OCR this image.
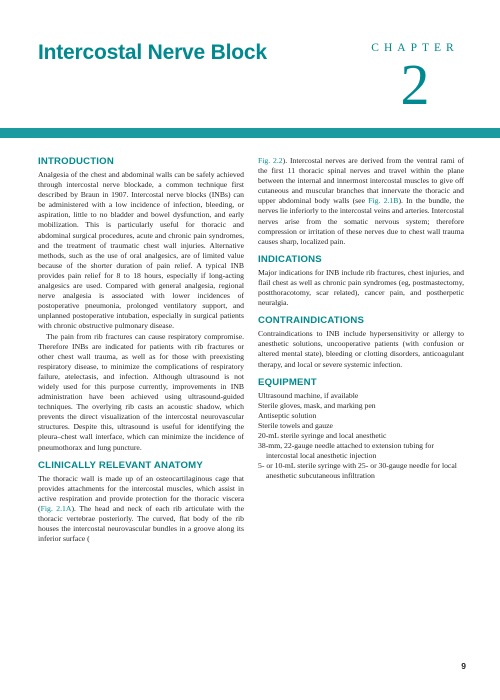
Intercostal Nerve Block	CHAPTER
2
INTRODUCTION

Analgesia of the chest and abdominal walls can be safely achieved through intercostal nerve blockade, a common technique first described by Braun in 1907. Intercostal nerve blocks (INBs) can be administered with a low incidence of infection, bleeding, or aspiration, little to no bladder and bowel dysfunction, and early mobilization. This is particularly useful for thoracic and abdominal surgical procedures, acute and chronic pain syndromes, and the treatment of traumatic chest wall injuries. Alternative methods, such as the use of oral analgesics, are of limited value because of the shorter duration of pain relief. A typical INB provides pain relief for 8 to 18 hours, especially if long-acting analgesics are used. Compared with general analgesia, regional nerve analgesia is associated with lower incidences of postoperative pneumonia, prolonged ventilatory support, and unplanned postoperative intubation, especially in surgical patients with chronic obstructive pulmonary disease.

The pain from rib fractures can cause respiratory compromise. Therefore INBs are indicated for patients with rib fractures or other chest wall trauma, as well as for those with preexisting respiratory disease, to minimize the complications of respiratory failure, atelectasis, and infection. Although ultrasound is not widely used for this purpose currently, improvements in INB administration have been achieved using ultrasound-guided techniques. The overlying rib casts an acoustic shadow, which prevents the direct visualization of the intercostal neurovascular structures. Despite this, ultrasound is useful for identifying the pleura–chest wall interface, which can minimize the incidence of pneumothorax and lung puncture.

CLINICALLY RELEVANT ANATOMY

The thoracic wall is made up of an osteocartilaginous cage that provides attachments for the intercostal muscles, which assist in active respiration and provide protection for the thoracic viscera (Fig. 2.1A). The head and neck of each rib articulate with the thoracic vertebrae posteriorly. The curved, flat body of the rib houses the intercostal neurovascular bundles in a groove along its inferior surface (

Fig. 2.2). Intercostal nerves are derived from the ventral rami of the first 11 thoracic spinal nerves and travel within the plane between the internal and innermost intercostal muscles to give off cutaneous and muscular branches that innervate the thoracic and upper abdominal body walls (see Fig. 2.1B). In the bundle, the nerves lie inferiorly to the intercostal veins and arteries. Intercostal nerves arise from the somatic nervous system; therefore compression or irritation of these nerves due to chest wall trauma causes sharp, localized pain.

INDICATIONS

Major indications for INB include rib fractures, chest injuries, and flail chest as well as chronic pain syndromes (eg, postmastectomy, postthoracotomy, scar related), cancer pain, and postherpetic neuralgia.

CONTRAINDICATIONS

Contraindications to INB include hypersensitivity or allergy to anesthetic solutions, uncooperative patients (with confusion or altered mental state), bleeding or clotting disorders, anticoagulant therapy, and local or severe systemic infection.

EQUIPMENT
Ultrasound machine, if available
Sterile gloves, mask, and marking pen
Antiseptic solution
Sterile towels and gauze
20-mL sterile syringe and local anesthetic
38-mm, 22-gauge needle attached to extension tubing for intercostal local anesthetic injection
5- or 10-mL sterile syringe with 25- or 30-gauge needle for local anesthetic subcutaneous infiltration
9
